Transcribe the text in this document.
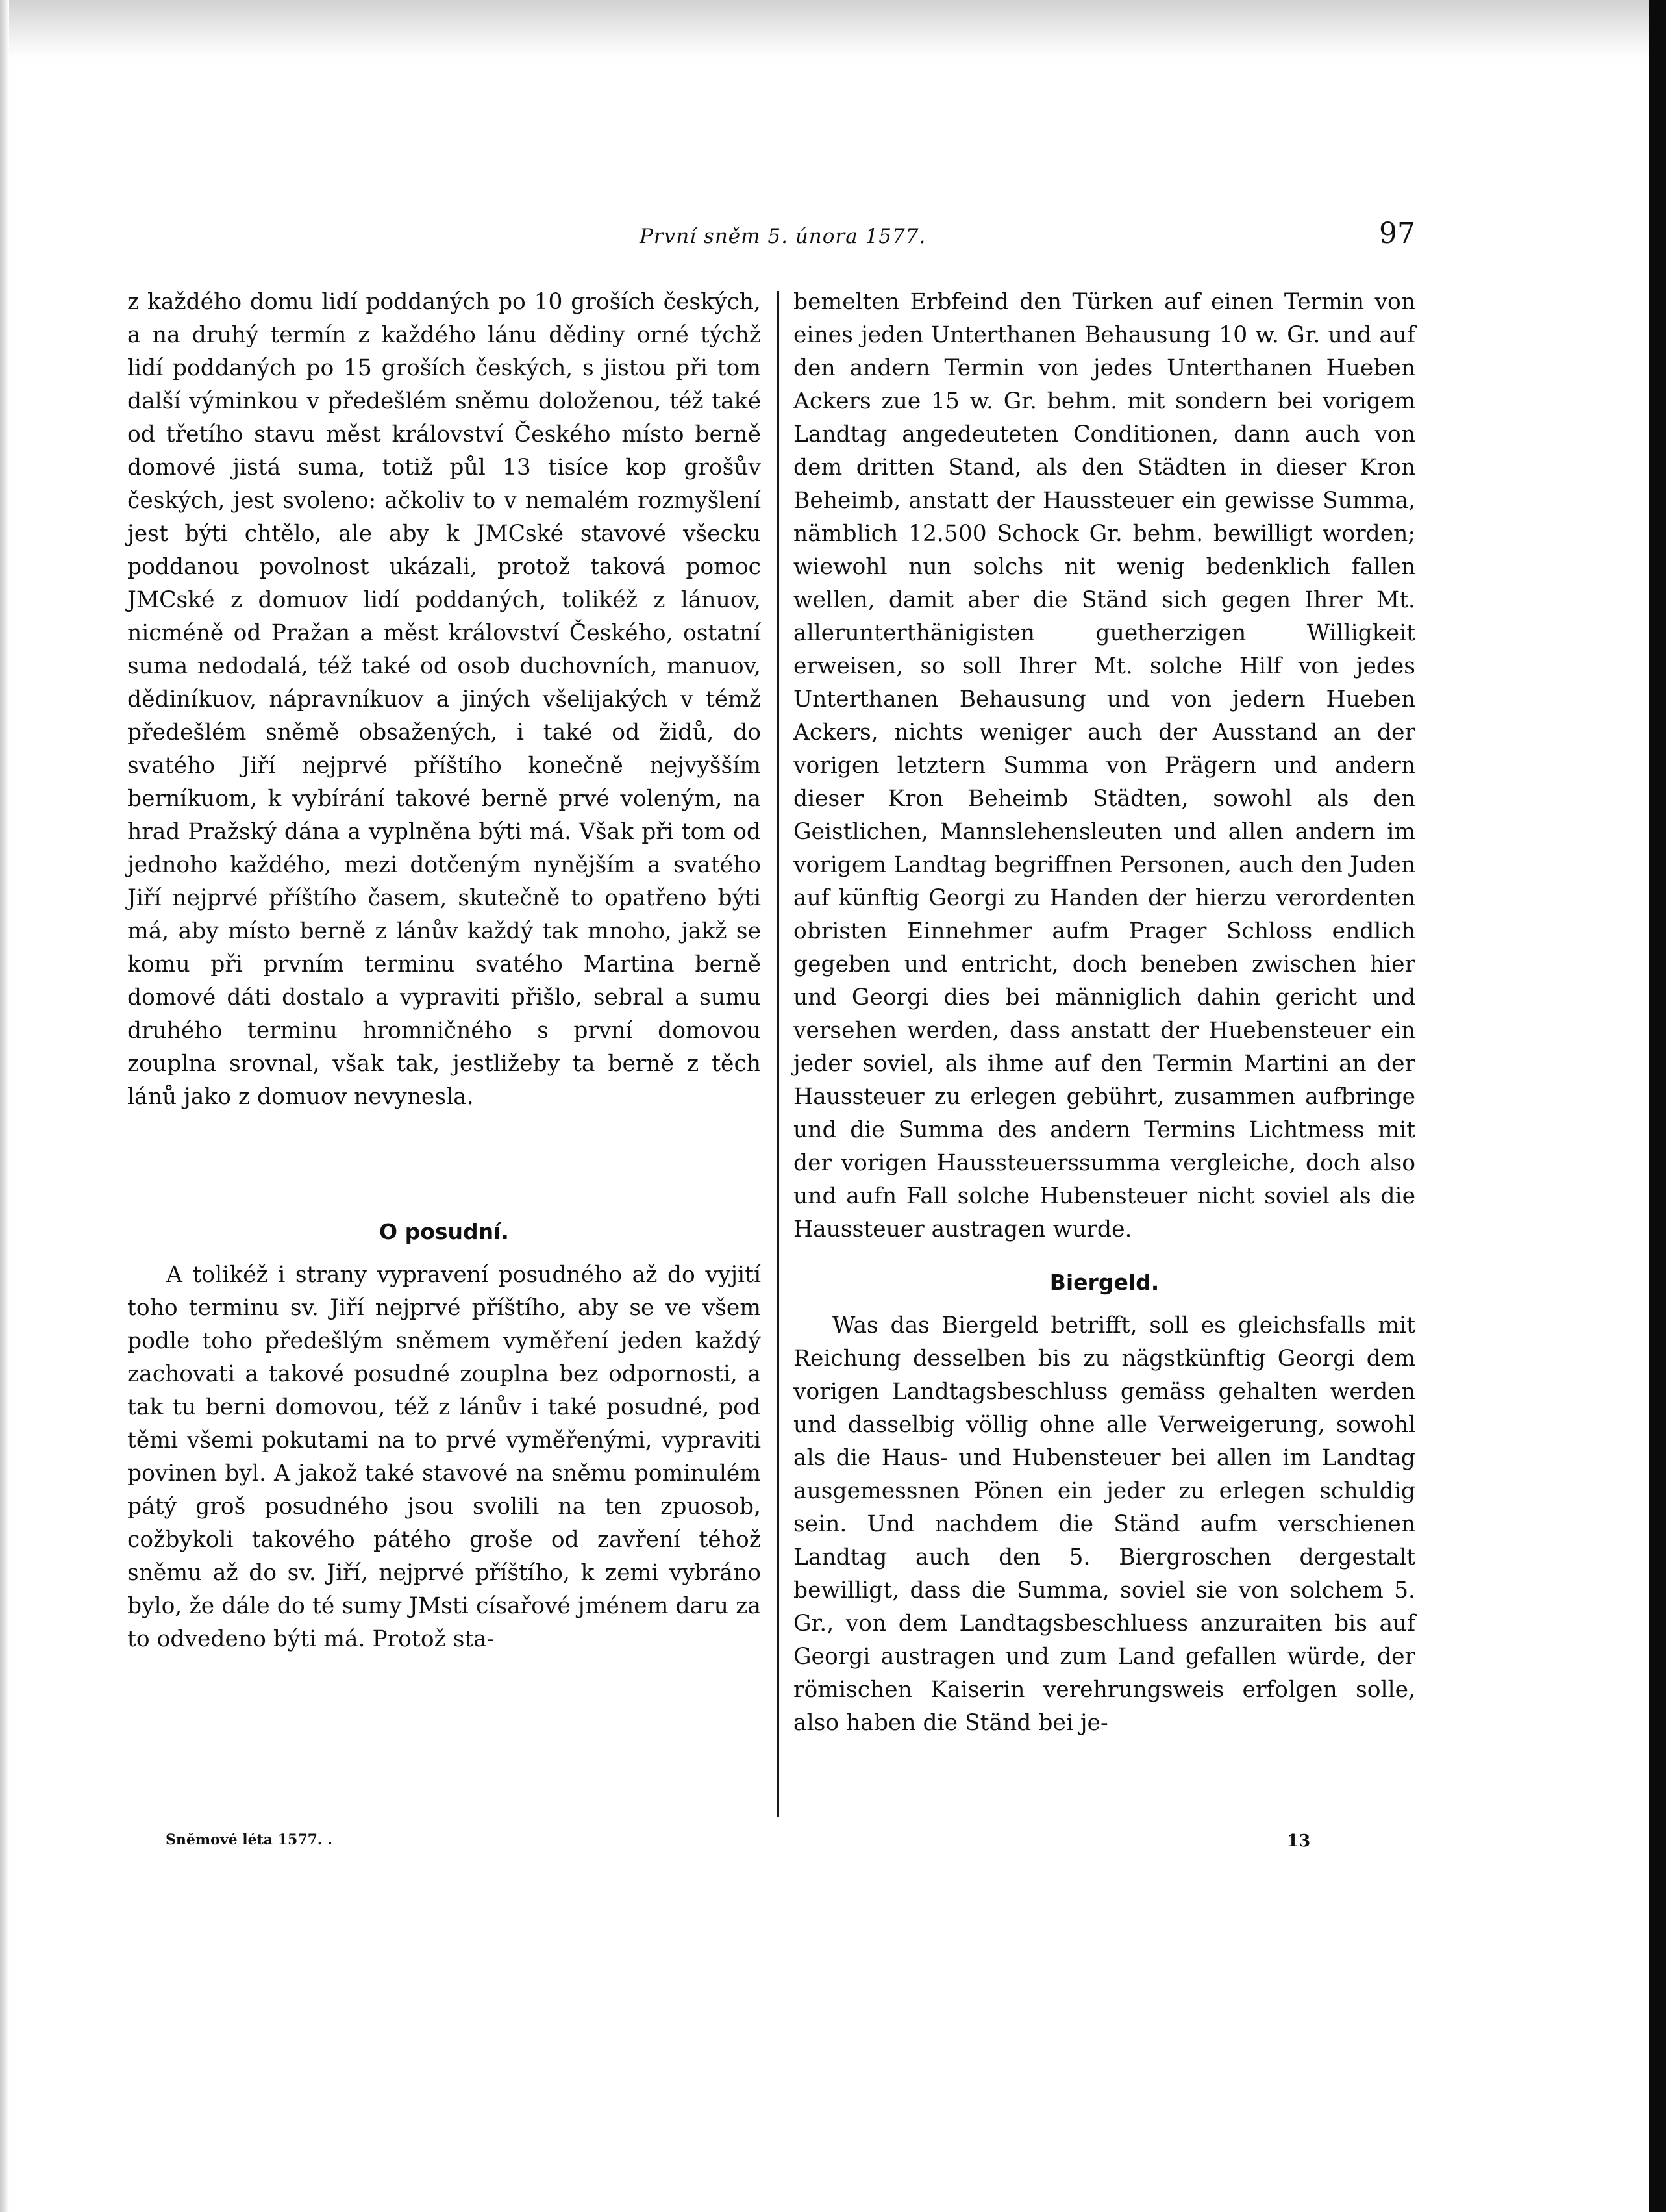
První sněm 5. února 1577.	97

z každého domu lidí poddaných po 10 groších českých, a na druhý termín z každého lánu dědiny orné týchž lidí poddaných po 15 groších českých, s jistou při tom další výminkou v předešlém sněmu doloženou, též také od třetího stavu měst království Českého místo berně domové jistá suma, totiž půl 13 tisíce kop grošův českých, jest svoleno: ačkoliv to v nemalém rozmyšlení jest býti chtělo, ale aby k JMCské stavové všecku poddanou povolnost ukázali, protož taková pomoc JMCské z domuov lidí poddaných, tolikéž z lánuov, nicméně od Pražan a měst království Českého, ostatní suma nedodalá, též také od osob duchovních, manuov, dědiníkuov, nápravníkuov a jiných všelijakých v témž předešlém sněmě obsažených, i také od židů, do svatého Jiří nejprvé příštího konečně nejvyšším berníkuom, k vybírání takové berně prvé voleným, na hrad Pražský dána a vyplněna býti má. Však při tom od jednoho každého, mezi dotčeným nynějším a svatého Jiří nejprvé příštího časem, skutečně to opatřeno býti má, aby místo berně z lánův každý tak mnoho, jakž se komu při prvním terminu svatého Martina berně domové dáti dostalo a vypraviti přišlo, sebral a sumu druhého terminu hromničného s první domovou zouplna srovnal, však tak, jestližeby ta berně z těch lánů jako z domuov nevynesla.

O posudní.

A tolikéž i strany vypravení posudného až do vyjití toho terminu sv. Jiří nejprvé příštího, aby se ve všem podle toho předešlým sněmem vyměření jeden každý zachovati a takové posudné zouplna bez odpornosti, a tak tu berni domovou, též z lánův i také posudné, pod těmi všemi pokutami na to prvé vyměřenými, vypraviti povinen byl. A jakož také stavové na sněmu pominulém pátý groš posudného jsou svolili na ten zpuosob, cožbykoli takového pátého groše od zavření téhož sněmu až do sv. Jiří, nejprvé příštího, k zemi vybráno bylo, že dále do té sumy JMsti císařové jménem daru za to odvedeno býti má. Protož sta-

bemelten Erbfeind den Türken auf einen Termin von eines jeden Unterthanen Behausung 10 w. Gr. und auf den andern Termin von jedes Unterthanen Hueben Ackers zue 15 w. Gr. behm. mit sondern bei vorigem Landtag angedeuteten Conditionen, dann auch von dem dritten Stand, als den Städten in dieser Kron Beheimb, anstatt der Haussteuer ein gewisse Summa, nämblich 12.500 Schock Gr. behm. bewilligt worden; wiewohl nun solchs nit wenig bedenklich fallen wellen, damit aber die Ständ sich gegen Ihrer Mt. allerunterthänigisten guetherzigen Willigkeit erweisen, so soll Ihrer Mt. solche Hilf von jedes Unterthanen Behausung und von jedern Hueben Ackers, nichts weniger auch der Ausstand an der vorigen letztern Summa von Prägern und andern dieser Kron Beheimb Städten, sowohl als den Geistlichen, Mannslehensleuten und allen andern im vorigem Landtag begriffnen Personen, auch den Juden auf künftig Georgi zu Handen der hierzu verordenten obristen Einnehmer aufm Prager Schloss endlich gegeben und entricht, doch beneben zwischen hier und Georgi dies bei männiglich dahin gericht und versehen werden, dass anstatt der Huebensteuer ein jeder soviel, als ihme auf den Termin Martini an der Haussteuer zu erlegen gebührt, zusammen aufbringe und die Summa des andern Termins Lichtmess mit der vorigen Haussteuerssumma vergleiche, doch also und aufn Fall solche Hubensteuer nicht soviel als die Haussteuer austragen wurde.

Biergeld.

Was das Biergeld betrifft, soll es gleichsfalls mit Reichung desselben bis zu nägstkünftig Georgi dem vorigen Landtagsbeschluss gemäss gehalten werden und dasselbig völlig ohne alle Verweigerung, sowohl als die Haus- und Hubensteuer bei allen im Landtag ausgemessnen Pönen ein jeder zu erlegen schuldig sein. Und nachdem die Ständ aufm verschienen Landtag auch den 5. Biergroschen dergestalt bewilligt, dass die Summa, soviel sie von solchem 5. Gr., von dem Landtagsbeschluess anzuraiten bis auf Georgi austragen und zum Land gefallen würde, der römischen Kaiserin verehrungsweis erfolgen solle, also haben die Ständ bei je-

Sněmové léta 1577. .	13
